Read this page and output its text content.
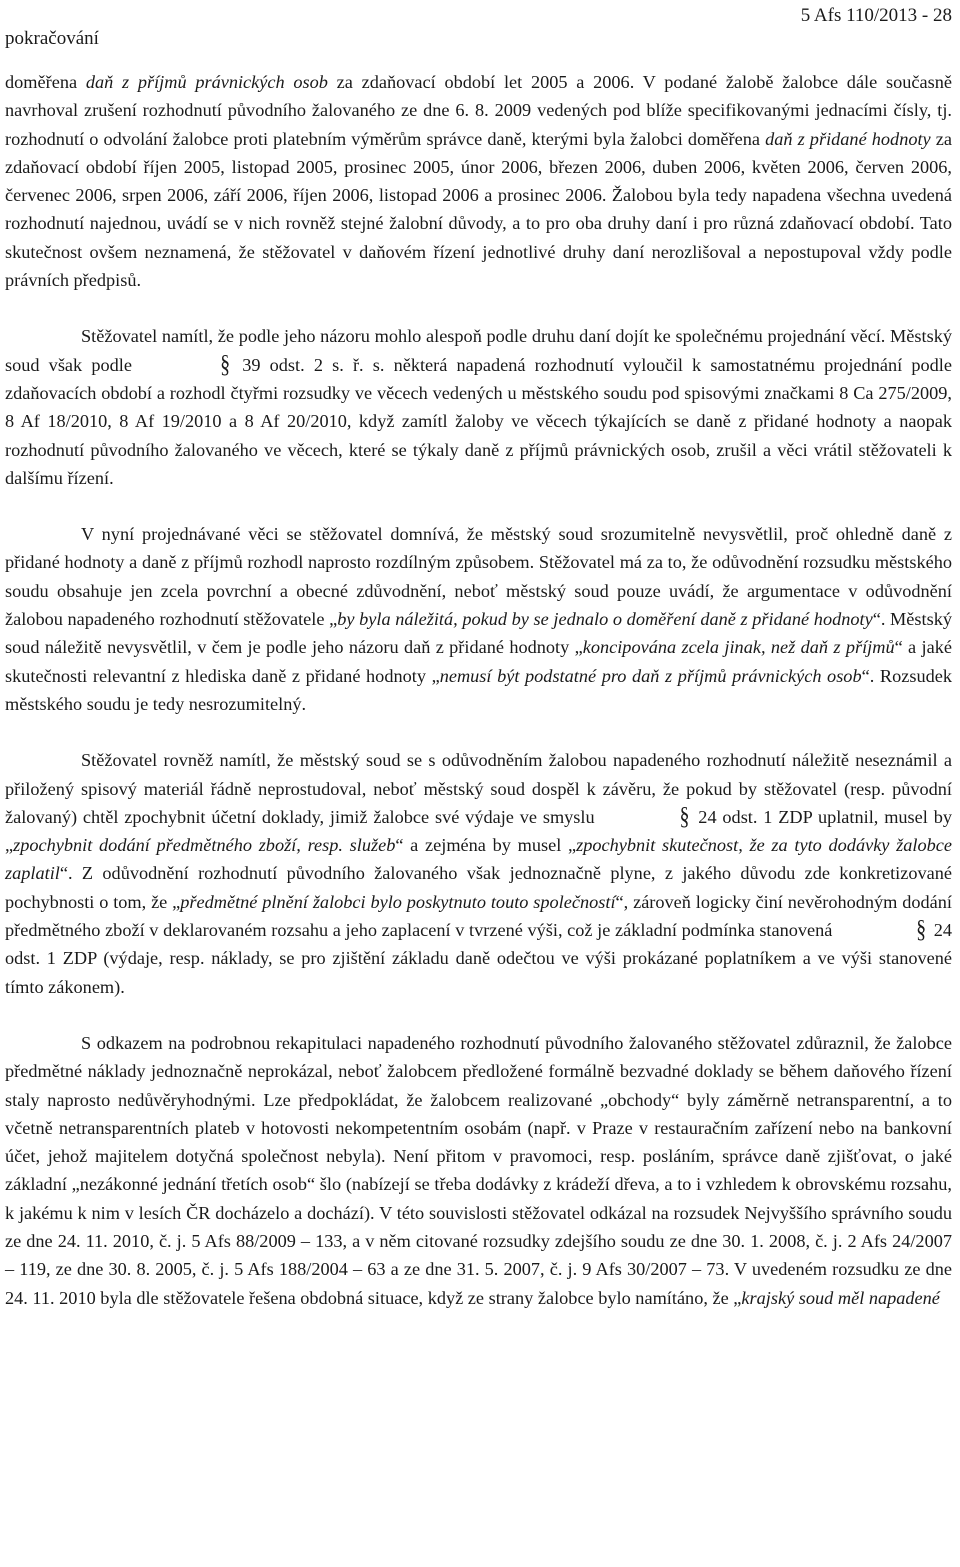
pokračování
5 Afs 110/2013 - 28

doměřena daň z příjmů právnických osob za zdaňovací období let 2005 a 2006. V podané žalobě žalobce dále současně navrhoval zrušení rozhodnutí původního žalovaného ze dne 6. 8. 2009 vedených pod blíže specifikovanými jednacími čísly, tj. rozhodnutí o odvolání žalobce proti platebním výměrům správce daně, kterými byla žalobci doměřena daň z přidané hodnoty za zdaňovací období říjen 2005, listopad 2005, prosinec 2005, únor 2006, březen 2006, duben 2006, květen 2006, červen 2006, červenec 2006, srpen 2006, září 2006, říjen 2006, listopad 2006 a prosinec 2006. Žalobou byla tedy napadena všechna uvedená rozhodnutí najednou, uvádí se v nich rovněž stejné žalobní důvody, a to pro oba druhy daní i pro různá zdaňovací období. Tato skutečnost ovšem neznamená, že stěžovatel v daňovém řízení jednotlivé druhy daní nerozlišoval a nepostupoval vždy podle právních předpisů.

Stěžovatel namítl, že podle jeho názoru mohlo alespoň podle druhu daní dojít ke společnému projednání věcí. Městský soud však podle	§ 39 odst. 2 s. ř. s. některá napadená rozhodnutí vyloučil k samostatnému projednání podle zdaňovacích období a rozhodl čtyřmi rozsudky ve věcech vedených u městského soudu pod spisovými značkami 8 Ca 275/2009, 8 Af 18/2010, 8 Af 19/2010 a 8 Af 20/2010, když zamítl žaloby ve věcech týkajících se daně z přidané hodnoty a naopak rozhodnutí původního žalovaného ve věcech, které se týkaly daně z příjmů právnických osob, zrušil a věci vrátil stěžovateli k dalšímu řízení.

V nyní projednávané věci se stěžovatel domnívá, že městský soud srozumitelně nevysvětlil, proč ohledně daně z přidané hodnoty a daně z příjmů rozhodl naprosto rozdílným způsobem. Stěžovatel má za to, že odůvodnění rozsudku městského soudu obsahuje jen zcela povrchní a obecné zdůvodnění, neboť městský soud pouze uvádí, že argumentace v odůvodnění žalobou napadeného rozhodnutí stěžovatele „by byla náležitá, pokud by se jednalo o doměření daně z přidané hodnoty“. Městský soud náležitě nevysvětlil, v čem je podle jeho názoru daň z přidané hodnoty „koncipována zcela jinak, než daň z příjmů“ a jaké skutečnosti relevantní z hlediska daně z přidané hodnoty „nemusí být podstatné pro daň z příjmů právnických osob“. Rozsudek městského soudu je tedy nesrozumitelný.

Stěžovatel rovněž namítl, že městský soud se s odůvodněním žalobou napadeného rozhodnutí náležitě neseznámil a přiložený spisový materiál řádně neprostudoval, neboť městský soud dospěl k závěru, že pokud by stěžovatel (resp. původní žalovaný) chtěl zpochybnit účetní doklady, jimiž žalobce své výdaje ve smyslu	§ 24 odst. 1 ZDP uplatnil, musel by „zpochybnit dodání předmětného zboží, resp. služeb“ a zejména by musel „zpochybnit skutečnost, že za tyto dodávky žalobce zaplatil“. Z odůvodnění rozhodnutí původního žalovaného však jednoznačně plyne, z jakého důvodu zde konkretizované pochybnosti o tom, že „předmětné plnění žalobci bylo poskytnuto touto společností“, zároveň logicky činí nevěrohodným dodání předmětného zboží v deklarovaném rozsahu a jeho zaplacení v tvrzené výši, což je základní podmínka stanovená	§ 24 odst. 1 ZDP (výdaje, resp. náklady, se pro zjištění základu daně odečtou ve výši prokázané poplatníkem a ve výši stanovené tímto zákonem).

S odkazem na podrobnou rekapitulaci napadeného rozhodnutí původního žalovaného stěžovatel zdůraznil, že žalobce předmětné náklady jednoznačně neprokázal, neboť žalobcem předložené formálně bezvadné doklady se během daňového řízení staly naprosto nedůvěryhodnými. Lze předpokládat, že žalobcem realizované „obchody“ byly záměrně netransparentní, a to včetně netransparentních plateb v hotovosti nekompetentním osobám (např. v Praze v restauračním zařízení nebo na bankovní účet, jehož majitelem dotyčná společnost nebyla). Není přitom v pravomoci, resp. posláním, správce daně zjišťovat, o jaké základní „nezákonné jednání třetích osob“ šlo (nabízejí se třeba dodávky z krádeží dřeva, a to i vzhledem k obrovskému rozsahu, k jakému k nim v lesích ČR docházelo a dochází). V této souvislosti stěžovatel odkázal na rozsudek Nejvyššího správního soudu ze dne 24. 11. 2010, č. j. 5 Afs 88/2009 – 133, a v něm citované rozsudky zdejšího soudu ze dne 30. 1. 2008, č. j. 2 Afs 24/2007 – 119, ze dne 30. 8. 2005, č. j. 5 Afs 188/2004 – 63 a ze dne 31. 5. 2007, č. j. 9 Afs 30/2007 – 73. V uvedeném rozsudku ze dne 24. 11. 2010 byla dle stěžovatele řešena obdobná situace, když ze strany žalobce bylo namítáno, že „krajský soud měl napadené
